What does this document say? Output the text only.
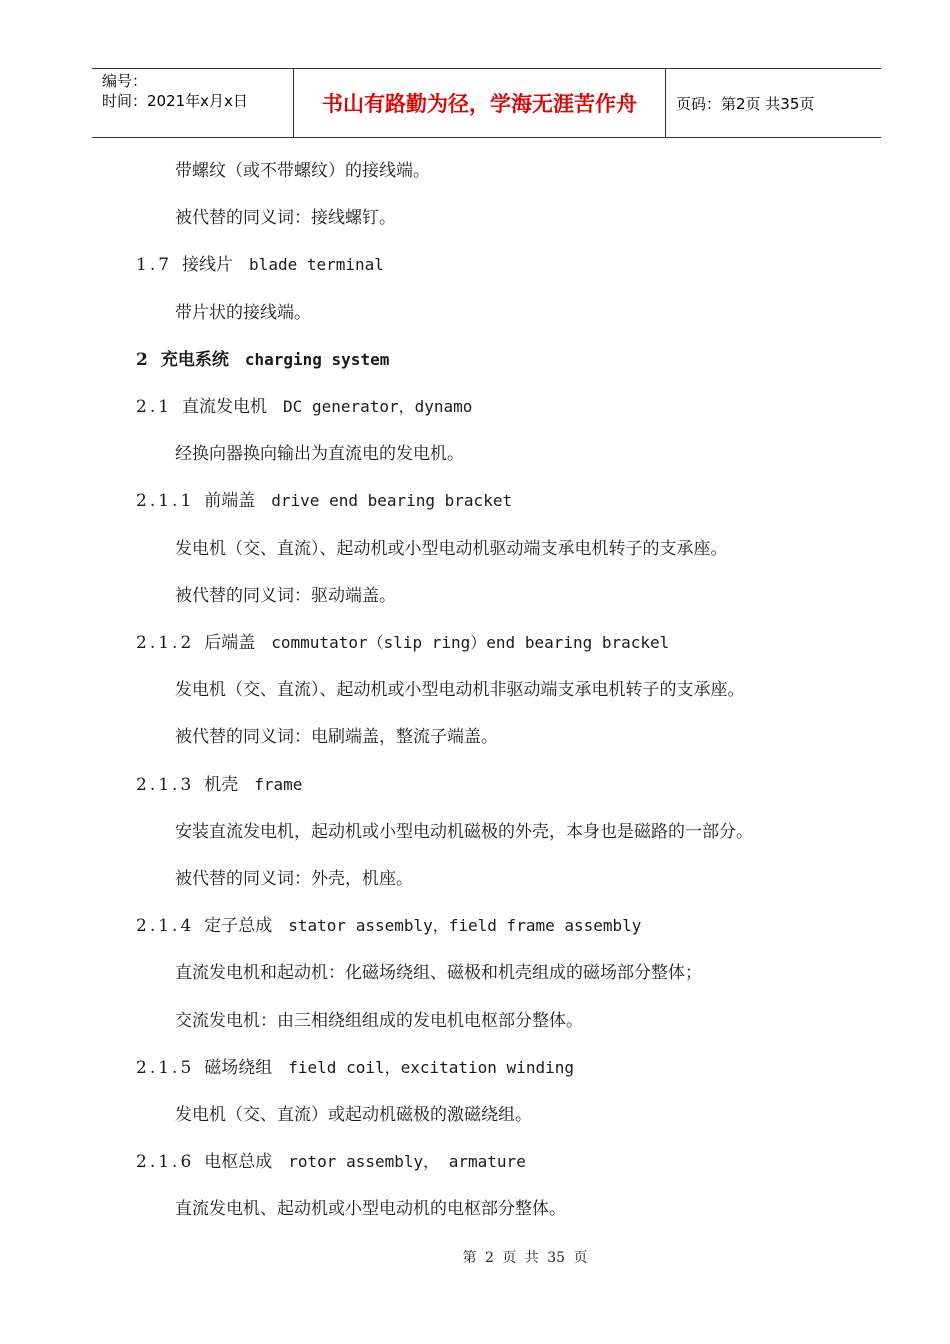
编号：
时间：2021年x月x日	书山有路勤为径，学海无涯苦作舟	页码：第2页 共35页
带螺纹（或不带螺纹）的接线端。
被代替的同义词：接线螺钉。
1.7 接线片 blade terminal
带片状的接线端。
2 充电系统 charging system
2.1 直流发电机 DC generator，dynamo
经换向器换向输出为直流电的发电机。
2.1.1 前端盖 drive end bearing bracket
发电机（交、直流）、起动机或小型电动机驱动端支承电机转子的支承座。
被代替的同义词：驱动端盖。
2.1.2 后端盖 commutator（slip ring）end bearing brackel
发电机（交、直流）、起动机或小型电动机非驱动端支承电机转子的支承座。
被代替的同义词：电刷端盖，整流子端盖。
2.1.3 机壳 frame
安装直流发电机，起动机或小型电动机磁极的外壳，本身也是磁路的一部分。
被代替的同义词：外壳，机座。
2.1.4 定子总成 stator assembly，field frame assembly
直流发电机和起动机：化磁场绕组、磁极和机壳组成的磁场部分整体；
交流发电机：由三相绕组组成的发电机电枢部分整体。
2.1.5 磁场绕组 field coil，excitation winding
发电机（交、直流）或起动机磁极的激磁绕组。
2.1.6 电枢总成 rotor assembly， armature
直流发电机、起动机或小型电动机的电枢部分整体。
第 2 页 共 35 页
